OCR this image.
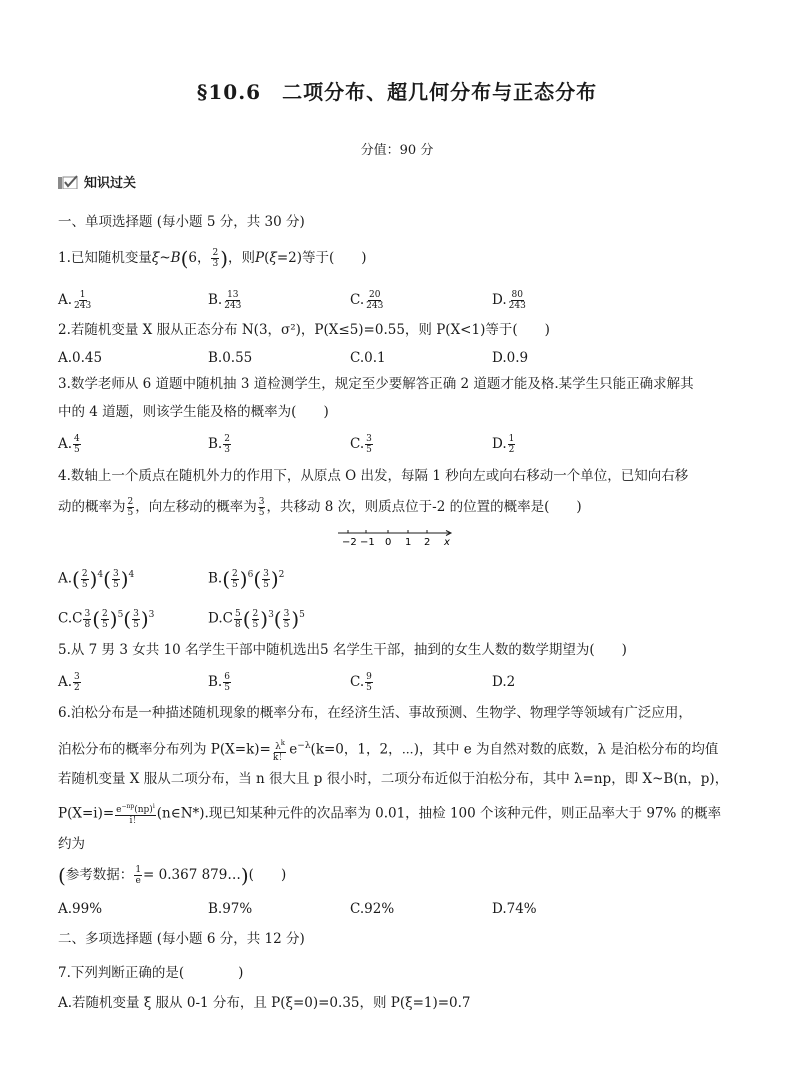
§10.6　二项分布、超几何分布与正态分布
分值：90 分
知识过关
一、单项选择题 (每小题 5 分，共 30 分)
1.已知随机变量ξ~B(6， $\frac{2}{3}$ )，则P(ξ=2)等于(　　)
A. $\frac{1}{243}$	B. $\frac{13}{243}$	C. $\frac{20}{243}$	D. $\frac{80}{243}$
2.若随机变量 X 服从正态分布 N(3，σ²)，P(X≤5)=0.55，则 P(X<1)等于(　　)
A.0.45	B.0.55	C.0.1	D.0.9
3.数学老师从 6 道题中随机抽 3 道检测学生，规定至少要解答正确 2 道题才能及格.某学生只能正确求解其
中的 4 道题，则该学生能及格的概率为(　　)
A. $\frac{4}{5}$	B. $\frac{2}{3}$	C. $\frac{3}{5}$	D. $\frac{1}{2}$
4.数轴上一个质点在随机外力的作用下，从原点 O 出发，每隔 1 秒向左或向右移动一个单位，已知向右移
动的概率为 $\frac{2}{5}$ ，向左移动的概率为 $\frac{3}{5}$ ，共移动 8 次，则质点位于-2 的位置的概率是(　　)
−2 −1 0 1 2 x
$A.( \frac{2}{5} )^4( \frac{3}{5} )^4$	$B.( \frac{2}{5} )^6( \frac{3}{5} )^2$
$C.C \frac{3}{8}$ ( $\frac{2}{5} )^5( \frac{3}{5} )^3$	$D.C \frac{5}{8}$ ( $\frac{2}{5} )^3( \frac{3}{5} )^5$
5.从 7 男 3 女共 10 名学生干部中随机选出5 名学生干部，抽到的女生人数的数学期望为(　　)
A. $\frac{3}{2}$	B. $\frac{6}{5}$	C. $\frac{9}{5}$	D.2
6.泊松分布是一种描述随机现象的概率分布，在经济生活、事故预测、生物学、物理学等领域有广泛应用，
泊松分布的概率分布列为 $P(X=k)= \frac{\lambda^k}{k!} e^{-\lambda}(k=0$，1，2，⋯)，其中 e 为自然对数的底数，λ 是泊松分布的均值
若随机变量 X 服从二项分布，当 n 很大且 p 很小时，二项分布近似于泊松分布，其中 λ=np，即 X~B(n，p)，
$P(X=i)= \frac{e^{-np}(np)^i}{i!}$ (n∈N*).现已知某种元件的次品率为 0.01，抽检 100 个该种元件，则正品率大于 97% 的概率
约为
(参考数据： $\frac{1}{e} = 0.367$ 879…)(　　)
A.99%	B.97%	C.92%	D.74%
二、多项选择题 (每小题 6 分，共 12 分)
7.下列判断正确的是(　　　　)
A.若随机变量 ξ 服从 0-1 分布，且 P(ξ=0)=0.35，则 P(ξ=1)=0.7
